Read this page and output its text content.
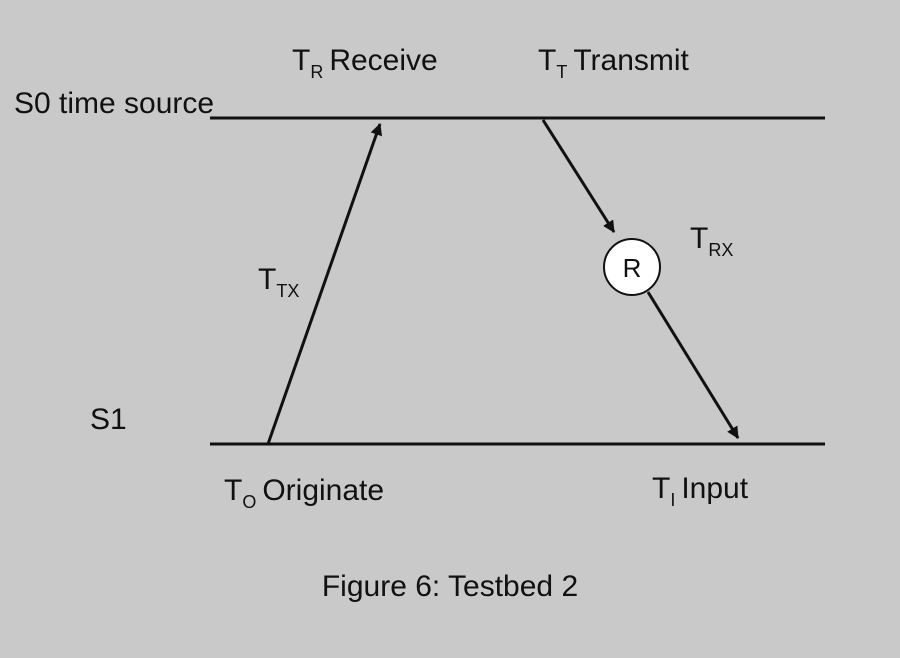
R
$T_R$ Receive	$T_T$ Transmit
S0 time source
$T_{TX}$
$T_{RX}$
S1
$T_O$ Originate	$T_I$ Input
Figure 6: Testbed 2
